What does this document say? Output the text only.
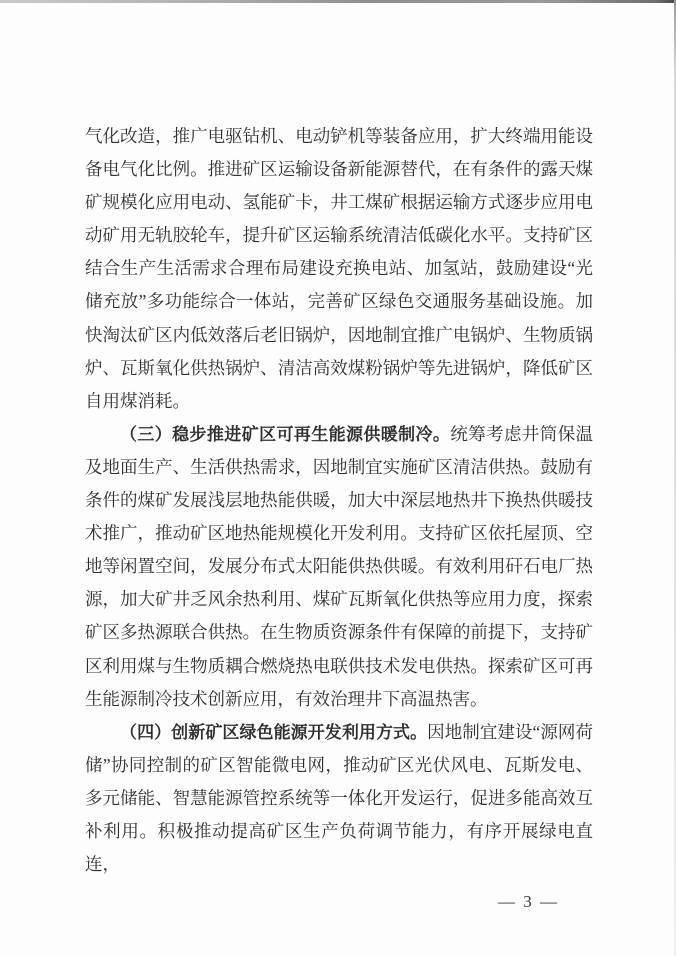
气化改造，推广电驱钻机、电动铲机等装备应用，扩大终端用能设备电气化比例。推进矿区运输设备新能源替代，在有条件的露天煤矿规模化应用电动、氢能矿卡，井工煤矿根据运输方式逐步应用电动矿用无轨胶轮车，提升矿区运输系统清洁低碳化水平。支持矿区结合生产生活需求合理布局建设充换电站、加氢站，鼓励建设“光储充放”多功能综合一体站，完善矿区绿色交通服务基础设施。加快淘汰矿区内低效落后老旧锅炉，因地制宜推广电锅炉、生物质锅炉、瓦斯氧化供热锅炉、清洁高效煤粉锅炉等先进锅炉，降低矿区自用煤消耗。

（三）稳步推进矿区可再生能源供暖制冷。统筹考虑井筒保温及地面生产、生活供热需求，因地制宜实施矿区清洁供热。鼓励有条件的煤矿发展浅层地热能供暖，加大中深层地热井下换热供暖技术推广，推动矿区地热能规模化开发利用。支持矿区依托屋顶、空地等闲置空间，发展分布式太阳能供热供暖。有效利用矸石电厂热源，加大矿井乏风余热利用、煤矿瓦斯氧化供热等应用力度，探索矿区多热源联合供热。在生物质资源条件有保障的前提下，支持矿区利用煤与生物质耦合燃烧热电联供技术发电供热。探索矿区可再生能源制冷技术创新应用，有效治理井下高温热害。

（四）创新矿区绿色能源开发利用方式。因地制宜建设“源网荷储”协同控制的矿区智能微电网，推动矿区光伏风电、瓦斯发电、多元储能、智慧能源管控系统等一体化开发运行，促进多能高效互补利用。积极推动提高矿区生产负荷调节能力，有序开展绿电直连，

— 3 —
